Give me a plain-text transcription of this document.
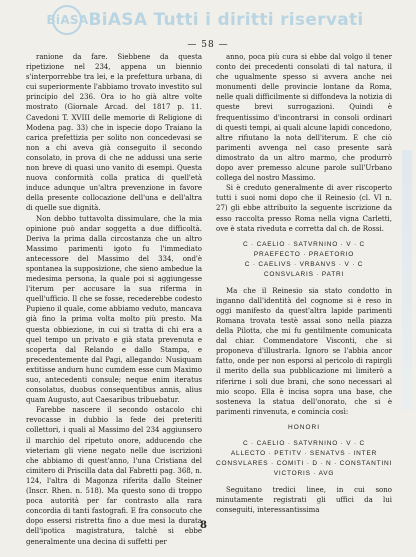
BiASA BiASA Tutti i diritti riservati
— 58 —

ranione da fare. Siebbene da questa ripetizione nel 234, appena un biennio s'interporrebbe tra lei, e la prefettura urbana, di cui superiormente l'abbiamo trovato investito sul principio del 236. Ora io ho già altre volte mostrato (Giornale Arcad. del 1817 p. 11. Cavedoni T. XVIII delle memorie di Religione di Modena pag. 33) che in ispecie dopo Traiano la carica prefettizia per solito non concedevasi se non a chi aveva già conseguito il secondo consolato, in prova di che ne addussi una serie non breve di quasi uno vanito di esempi. Questa nuova conformità colla pratica di quell'età induce adunque un'altra prevenzione in favore della presente collocazione dell'una e dell'altra di quelle sue dignità.

Non debbo tuttavolta dissimulare, che la mia opinione può andar soggetta a due difficoltà. Deriva la prima dalla circostanza che un altro Massimo parimenti igoto fu l'immediato antecessore del Massimo del 334, ond'è spontanea la supposizione, che sieno ambedue la medesima persona, la quale poi si aggiungesse l'iterum per accusare la sua riferma in quell'ufficio. Il che se fosse, recederebbe codesto Pupieno il quale, come abbiamo veduto, mancava già fino la prima volta molto più presto. Ma questa obbiezione, in cui si tratta di chi era a quel tempo un privato e già stata prevenuta e scoperta dal Relando e dallo Stampa, e precedentemente dal Pagi, allegando: Nusiquam extitisse andurn hunc cumdem esse cum Maximo suo, antecedenti consule; neque enim iteratus consolatus, duobus consequentibus annis, alius quam Augusto, aut Caesaribus tribuebatur.

Farebbe nascere il secondo ostacolo chi revocasse in dubbio la fede dei preteriti collettori, i quali al Massimo del 234 aggiunsero il marchio del ripetuto onore, adducendo che vieteriam gli viene negato nelle due iscrizioni che abbiamo di quest'anno, l'una Cristiana del cimitero di Priscilla data dal Fabretti pag. 368, n. 124, l'altra di Magonza riferita dallo Steiner (Inscr. Rhen. n. 518). Ma questo sono di troppo poca autorità per far contrasto alla rara concordia di tanti fastografi. E fra consocuto che dopo essersi ristretta fino a due mesi la durata dell'ipotica magistratura, talchè si ebbe generalmente una decina di suffetti per

anno, poca più cura si ebbe dal volgo il tener conto dei precedenti consolati di tal natura, il che ugualmente spesso si avvera anche nei monumenti delle provincie lontane da Roma, nelle quali difficilmente si diffondeva la notizia di queste brevi surrogazioni. Quindi è frequentissimo d'incontrarsi in consoli ordinari di questi tempi, ai quali alcune lapidi concedono, altre rifiutano la nota dell'iterum. E che ciò parimenti avvenga nel caso presente sarà dimostrato da un altro marmo, che produrrò dopo aver premesso alcune parole sull'Urbano collega del nostro Massimo.

Si è creduto generalmente di aver riscoperto tutti i suoi nomi dopo che il Reinesio (cl. VI n. 27) gli ebbe attribuito la seguente iscrizione da esso raccolta presso Roma nella vigna Carletti, ove è stata riveduta e corretta dal ch. de Rossi.

C · CAELIO · SATVRNINO · V · C
PRAEFECTO · PRAETORIO
C · CAELIVS · VRBANVS · V · C
CONSVLARIS · PATRI

Ma che il Reinesio sia stato condotto in inganno dall'identità del cognome si è reso in oggi manifesto da quest'altra lapide parimenti Romana trovata testè assai sono nella piazza della Pilotta, che mi fu gentilmente comunicata dal chiar. Commendatore Visconti, che si proponeva d'illustrarla. Ignoro se l'abbia ancor fatto, onde per non esporsi al pericolo di rapirgli il merito della sua pubblicazione mi limiterò a riferirne i soli due brani, che sono necessari al mio scopo. Ella è incisa sopra una base, che sosteneva la statua dell'onorato, che si è parimenti rinvenuta, e comincia così:

HONORI
C · CAELIO · SATVRNINO · V · C
ALLECTO · PETITV · SENATVS · INTER
CONSVLARES · COMITI · D · N · CONSTANTINI
VICTORIS · AVG

Seguitano tredici linee, in cui sono minutamente registrati gli uffici da lui conseguiti, interessantissima

8
